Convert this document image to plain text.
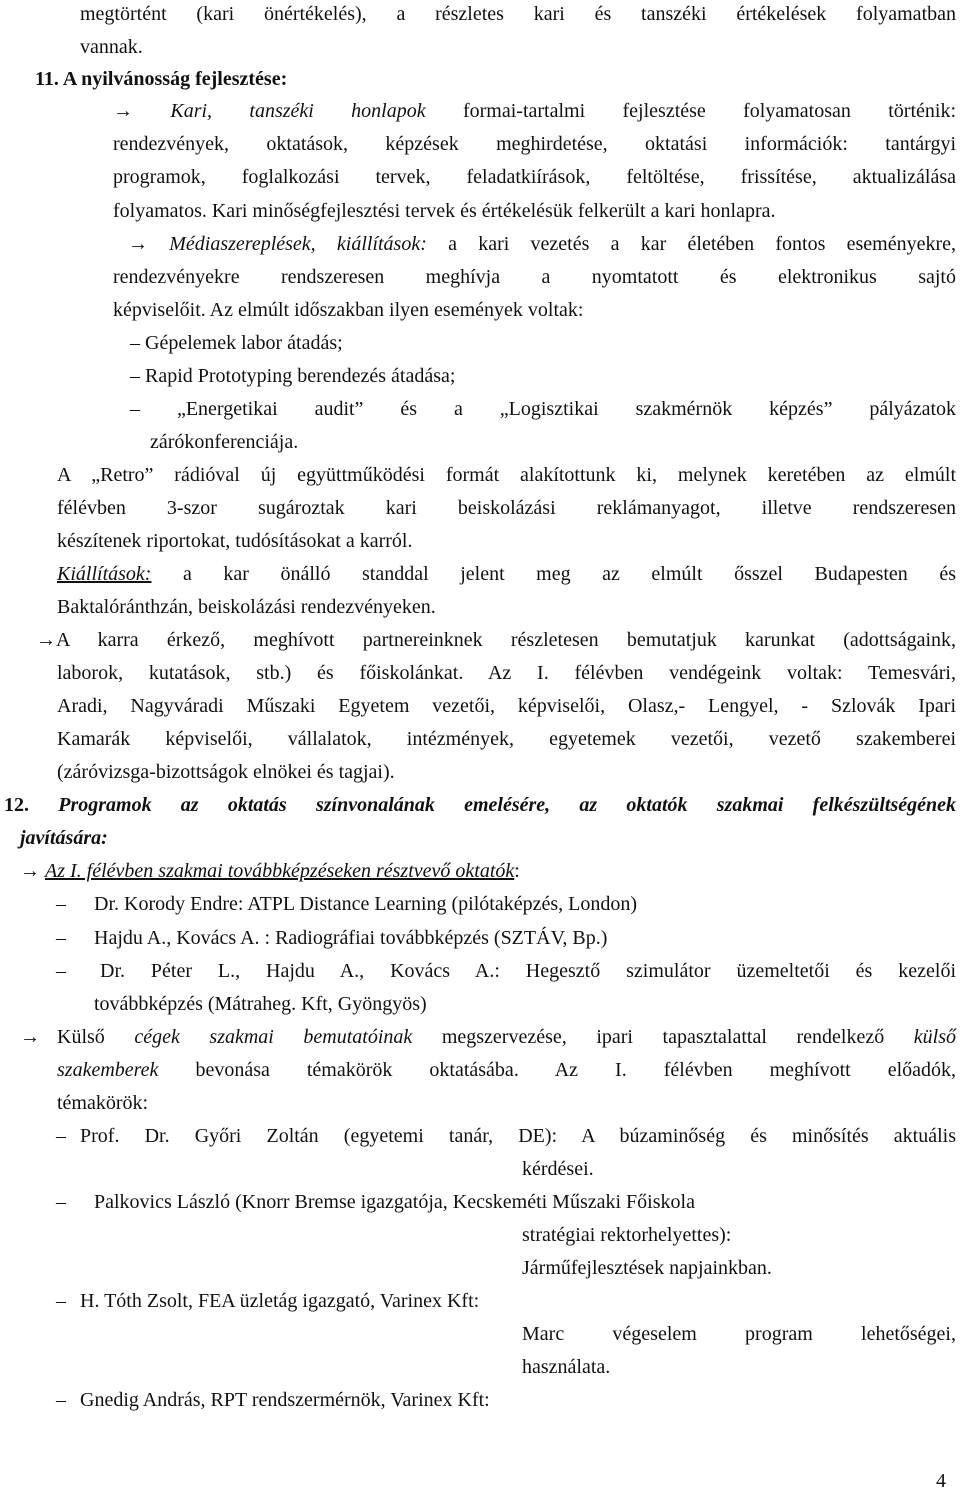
megtörtént (kari önértékelés), a részletes kari és tanszéki értékelések folyamatban
vannak.
11. A nyilvánosság fejlesztése:
→ Kari, tanszéki honlapok formai-tartalmi fejlesztése folyamatosan történik:
rendezvények, oktatások, képzések meghirdetése, oktatási információk: tantárgyi
programok, foglalkozási tervek, feladatkiírások, feltöltése, frissítése, aktualizálása
folyamatos. Kari minőségfejlesztési tervek és értékelésük felkerült a kari honlapra.
→ Médiaszereplések, kiállítások: a kari vezetés a kar életében fontos eseményekre,
rendezvényekre rendszeresen meghívja a nyomtatott és elektronikus sajtó
képviselőit. Az elmúlt időszakban ilyen események voltak:
– Gépelemek labor átadás;
– Rapid Prototyping berendezés átadása;
– „Energetikai audit” és a „Logisztikai szakmérnök képzés” pályázatok
zárókonferenciája.
A „Retro” rádióval új együttműködési formát alakítottunk ki, melynek keretében az elmúlt
félévben 3-szor sugároztak kari beiskolázási reklámanyagot, illetve rendszeresen
készítenek riportokat, tudósításokat a karról.
Kiállítások: a kar önálló standdal jelent meg az elmúlt ősszel Budapesten és
Baktalóránthzán, beiskolázási rendezvényeken.
→A karra érkező, meghívott partnereinknek részletesen bemutatjuk karunkat (adottságaink,
laborok, kutatások, stb.) és főiskolánkat. Az I. félévben vendégeink voltak: Temesvári,
Aradi, Nagyváradi Műszaki Egyetem vezetői, képviselői, Olasz,- Lengyel, - Szlovák Ipari
Kamarák képviselői, vállalatok, intézmények, egyetemek vezetői, vezető szakemberei
(záróvizsga-bizottságok elnökei és tagjai).
12. Programok az oktatás színvonalának emelésére, az oktatók szakmai felkészültségének
javítására:
→ Az I. félévben szakmai továbbképzéseken résztvevő oktatók:
– Dr. Korody Endre: ATPL Distance Learning (pilótaképzés, London)
– Hajdu A., Kovács A. : Radiográfiai továbbképzés (SZTÁV, Bp.)
– Dr. Péter L., Hajdu A., Kovács A.: Hegesztő szimulátor üzemeltetői és kezelői
továbbképzés (Mátraheg. Kft, Gyöngyös)
→ Külső cégek szakmai bemutatóinak megszervezése, ipari tapasztalattal rendelkező külső
szakemberek bevonása témakörök oktatásába. Az I. félévben meghívott előadók,
témakörök:
– Prof. Dr. Győri Zoltán (egyetemi tanár, DE): A búzaminőség és minősítés aktuális
kérdései.
– Palkovics László (Knorr Bremse igazgatója, Kecskeméti Műszaki Főiskola
stratégiai rektorhelyettes):
Járműfejlesztések napjainkban.
– H. Tóth Zsolt, FEA üzletág igazgató, Varinex Kft:
Marc végeselem program lehetőségei,
használata.
– Gnedig András, RPT rendszermérnök, Varinex Kft:
4
